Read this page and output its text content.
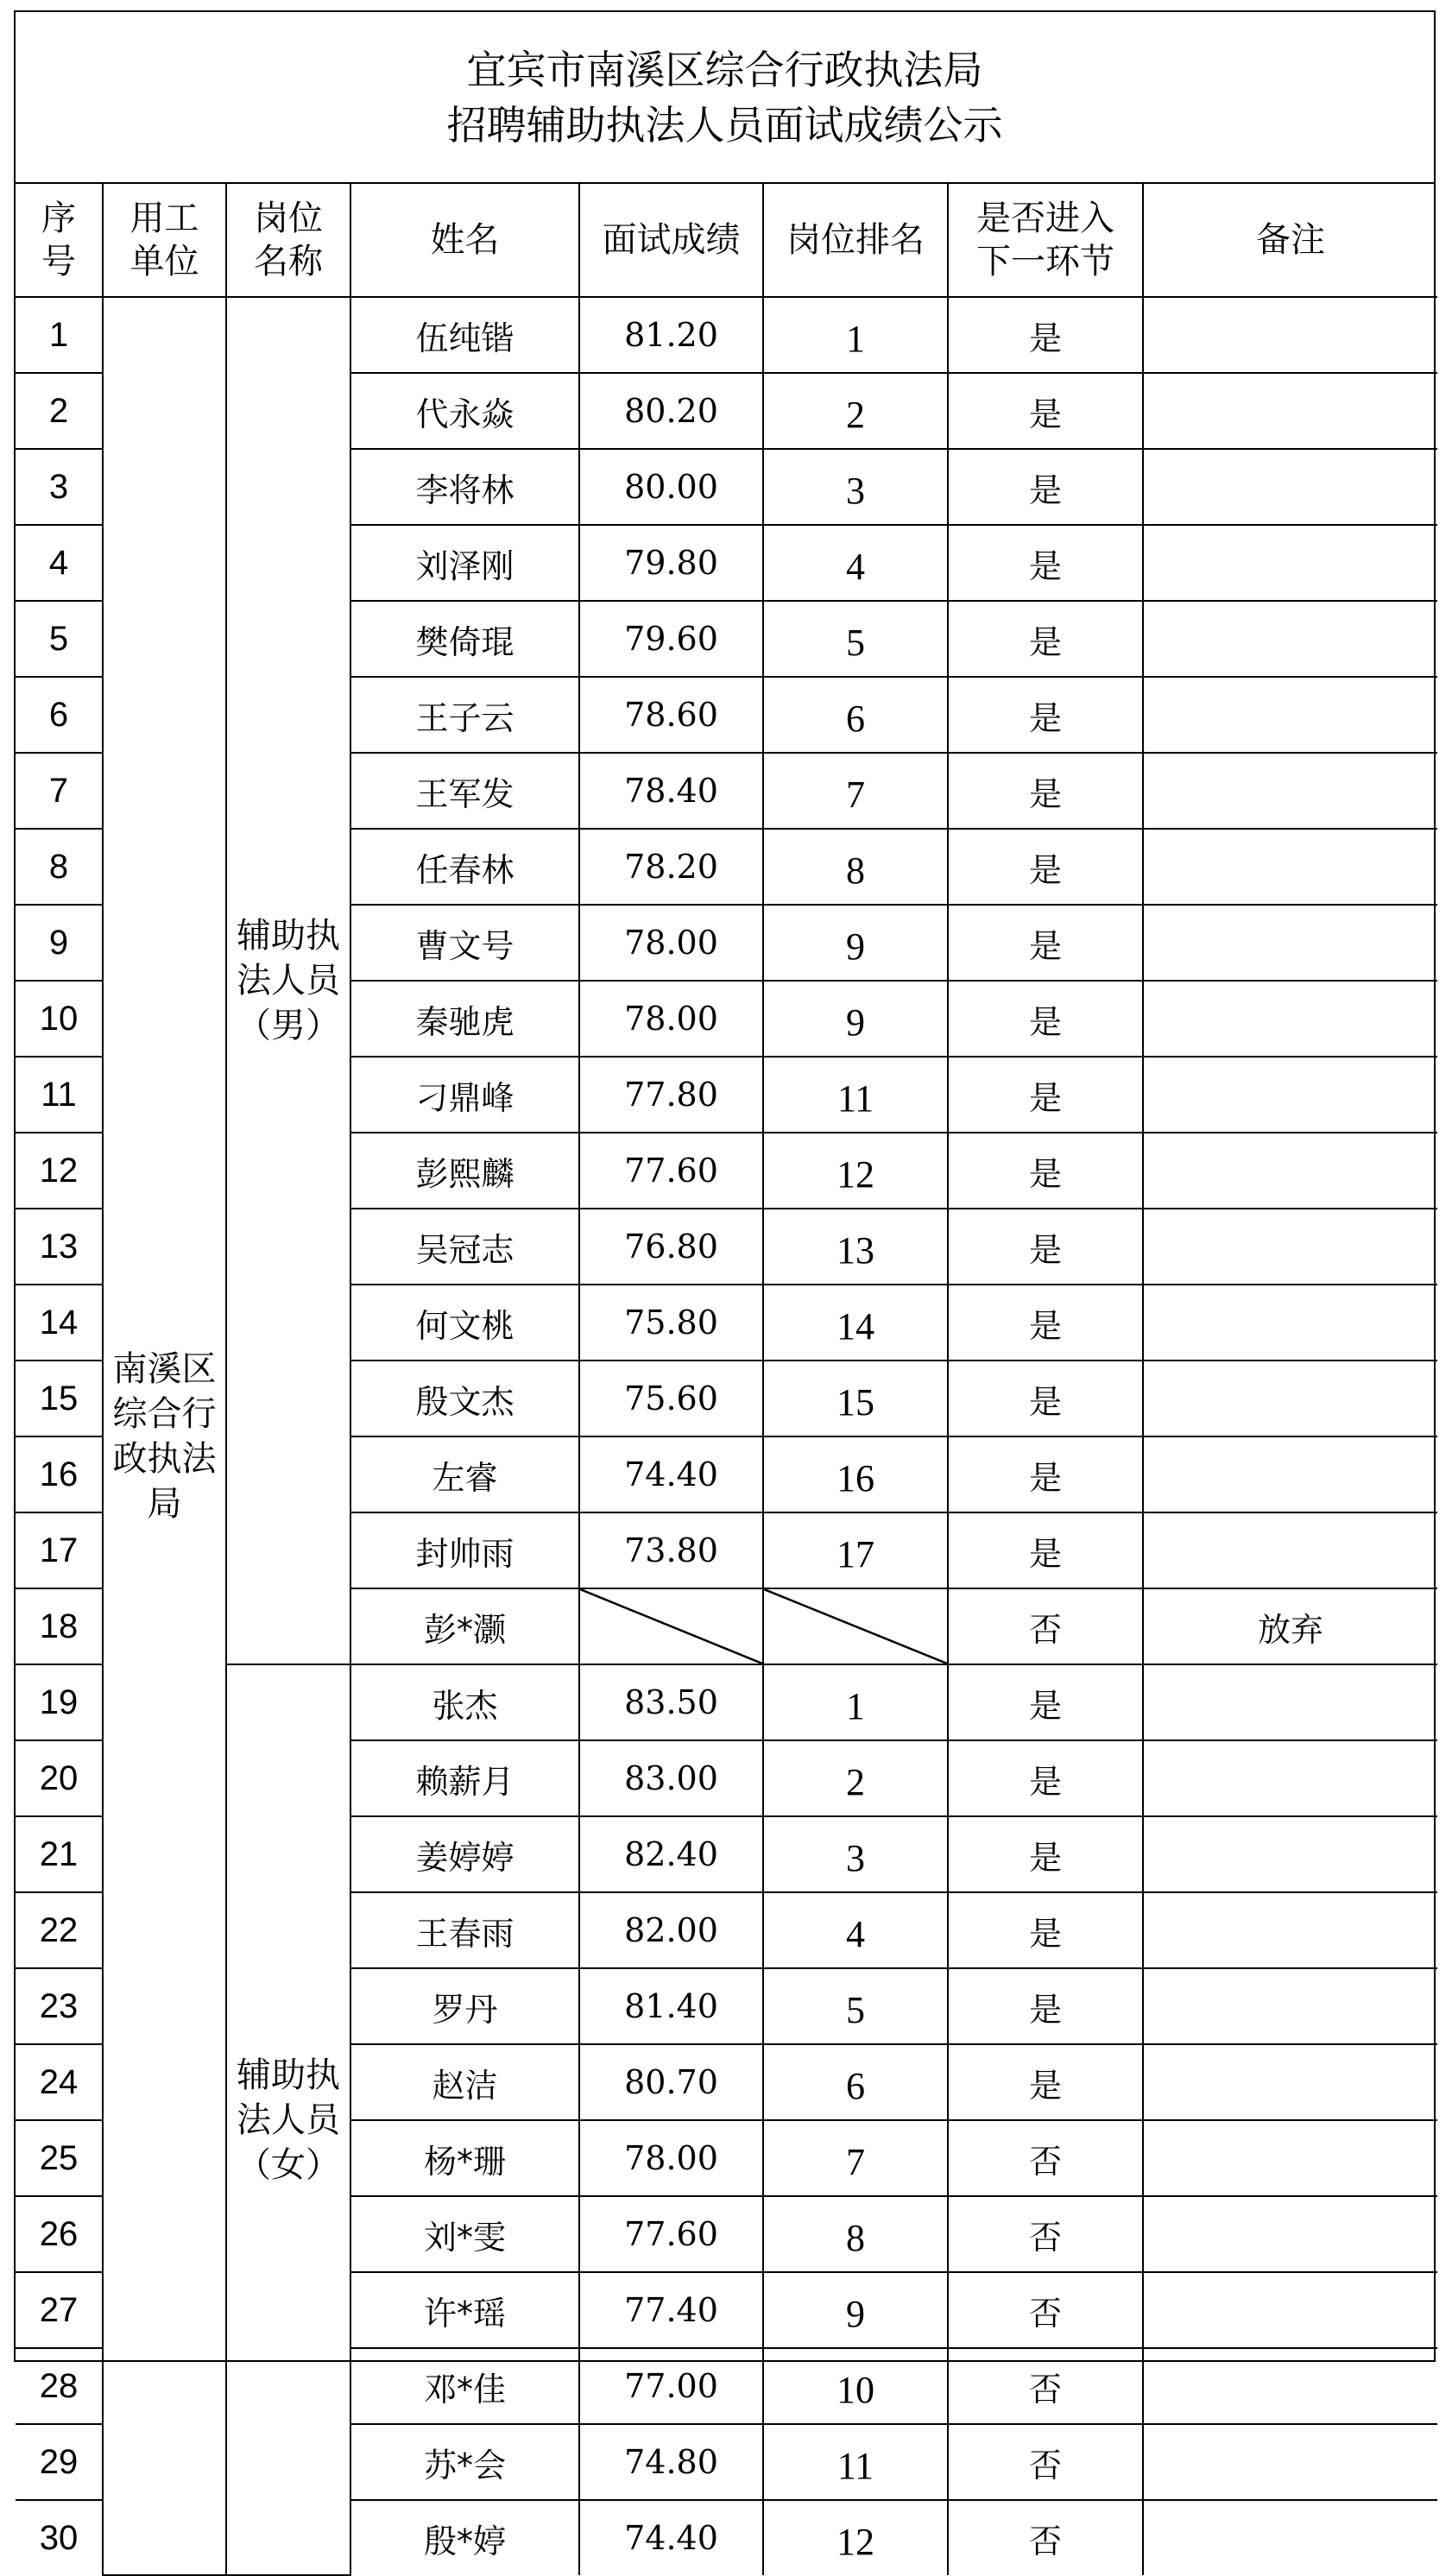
宜宾市南溪区综合行政执法局
招聘辅助执法人员面试成绩公示
序
号	用工
单位	岗位
名称	姓名	面试成绩	岗位排名	是否进入
下一环节	备注
1	南溪区
综合行
政执法
局	辅助执
法人员
（男）	伍纯锴	81.20	1	是	
2			代永焱	80.20	2	是	
3			李将林	80.00	3	是	
4			刘泽刚	79.80	4	是	
5			樊倚琨	79.60	5	是	
6			王子云	78.60	6	是	
7			王军发	78.40	7	是	
8			任春林	78.20	8	是	
9			曹文号	78.00	9	是	
10			秦驰虎	78.00	9	是	
11			刁鼎峰	77.80	11	是	
12			彭熙麟	77.60	12	是	
13			吴冠志	76.80	13	是	
14			何文桃	75.80	14	是	
15			殷文杰	75.60	15	是	
16			左睿	74.40	16	是	
17			封帅雨	73.80	17	是	
18			彭*灏			否	放弃
19		辅助执
法人员
（女）	张杰	83.50	1	是	
20			赖薪月	83.00	2	是	
21			姜婷婷	82.40	3	是	
22			王春雨	82.00	4	是	
23			罗丹	81.40	5	是	
24			赵洁	80.70	6	是	
25			杨*珊	78.00	7	否	
26			刘*雯	77.60	8	否	
27			许*瑶	77.40	9	否	
28			邓*佳	77.00	10	否	
29			苏*会	74.80	11	否	
30			殷*婷	74.40	12	否	
